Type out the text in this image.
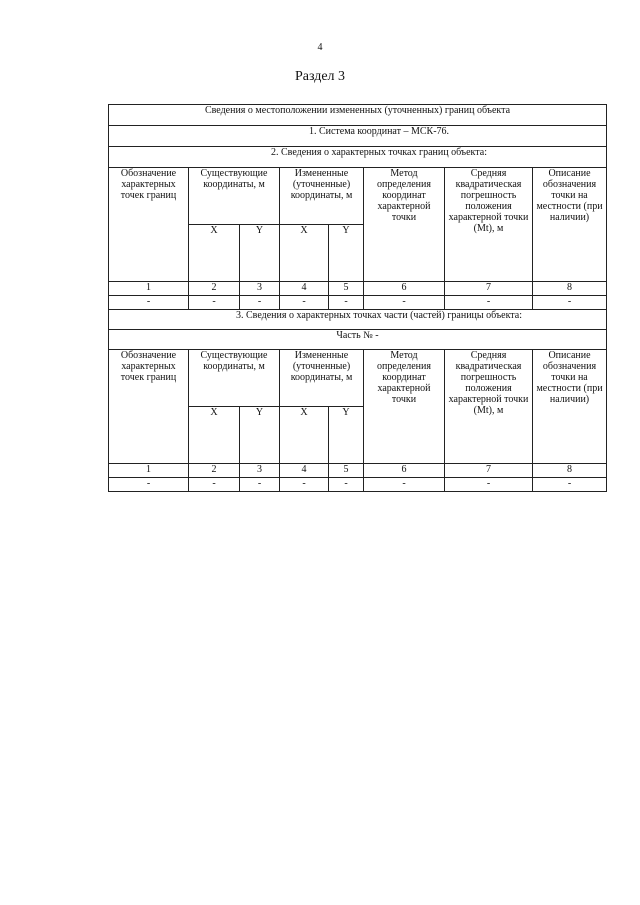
4
Раздел 3
Сведения о местоположении измененных (уточненных) границ объекта							
1. Система координат – МСК-76.							
2. Сведения о характерных точках границ объекта:							
Обозначение характерных точек границ	Существующие координаты, м		Измененные (уточненные) координаты, м		Метод определения координат характерной точки	Средняя квадратическая погрешность положения характерной точки (Mt), м	Описание обозначения точки на местности (при наличии)
	X	Y	X	Y			
1	2	3	4	5	6	7	8
-	-	-	-	-	-	-	-
3. Сведения о характерных точках части (частей) границы объекта:							
Часть № -							
Обозначение характерных точек границ	Существующие координаты, м		Измененные (уточненные) координаты, м		Метод определения координат характерной точки	Средняя квадратическая погрешность положения характерной точки (Mt), м	Описание обозначения точки на местности (при наличии)
	X	Y	X	Y			
1	2	3	4	5	6	7	8
-	-	-	-	-	-	-	-
